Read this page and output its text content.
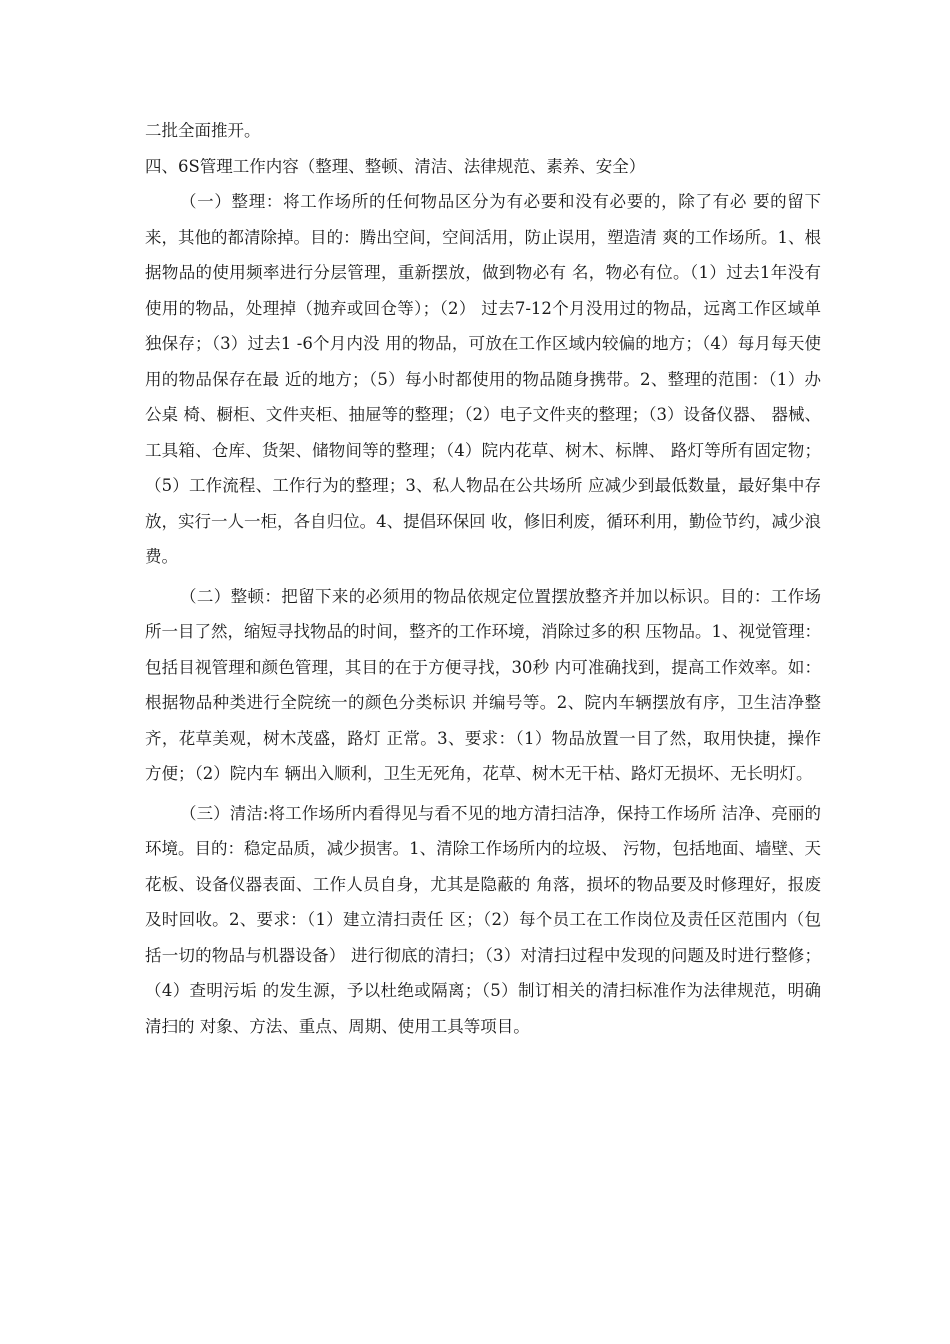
二批全面推开。

四、6S管理工作内容（整理、整顿、清洁、法律规范、素养、安全）

（一）整理：将工作场所的任何物品区分为有必要和没有必要的，除了有必 要的留下来，其他的都清除掉。目的：腾出空间，空间活用，防止误用，塑造清 爽的工作场所。1、根据物品的使用频率进行分层管理，重新摆放，做到物必有 名，物必有位。（1）过去1年没有使用的物品，处理掉（抛弃或回仓等）；（2） 过去7-12个月没用过的物品，远离工作区域单独保存；（3）过去1 -6个月内没 用的物品，可放在工作区域内较偏的地方；（4）每月每天使用的物品保存在最 近的地方；（5）每小时都使用的物品随身携带。2、整理的范围：（1）办公桌 椅、橱柜、文件夹柜、抽屉等的整理；（2）电子文件夹的整理；（3）设备仪器、 器械、工具箱、仓库、货架、储物间等的整理；（4）院内花草、树木、标牌、 路灯等所有固定物；（5）工作流程、工作行为的整理；3、私人物品在公共场所 应减少到最低数量，最好集中存放，实行一人一柜，各自归位。4、提倡环保回 收，修旧利废，循环利用，勤俭节约，减少浪费。

（二）整顿：把留下来的必须用的物品依规定位置摆放整齐并加以标识。目的：工作场所一目了然，缩短寻找物品的时间，整齐的工作环境，消除过多的积 压物品。1、视觉管理：包括目视管理和颜色管理，其目的在于方便寻找，30秒 内可准确找到，提高工作效率。如：根据物品种类进行全院统一的颜色分类标识 并编号等。2、院内车辆摆放有序，卫生洁净整齐，花草美观，树木茂盛，路灯 正常。3、要求：（1）物品放置一目了然，取用快捷，操作方便；（2）院内车 辆出入顺利，卫生无死角，花草、树木无干枯、路灯无损坏、无长明灯。

（三）清洁:将工作场所内看得见与看不见的地方清扫洁净，保持工作场所 洁净、亮丽的环境。目的：稳定品质，减少损害。1、清除工作场所内的垃圾、 污物，包括地面、墙壁、天花板、设备仪器表面、工作人员自身，尤其是隐蔽的 角落，损坏的物品要及时修理好，报废及时回收。2、要求：（1）建立清扫责任 区；（2）每个员工在工作岗位及责任区范围内（包括一切的物品与机器设备） 进行彻底的清扫；（3）对清扫过程中发现的问题及时进行整修；（4）查明污垢 的发生源，予以杜绝或隔离；（5）制订相关的清扫标准作为法律规范，明确清扫的 对象、方法、重点、周期、使用工具等项目。
